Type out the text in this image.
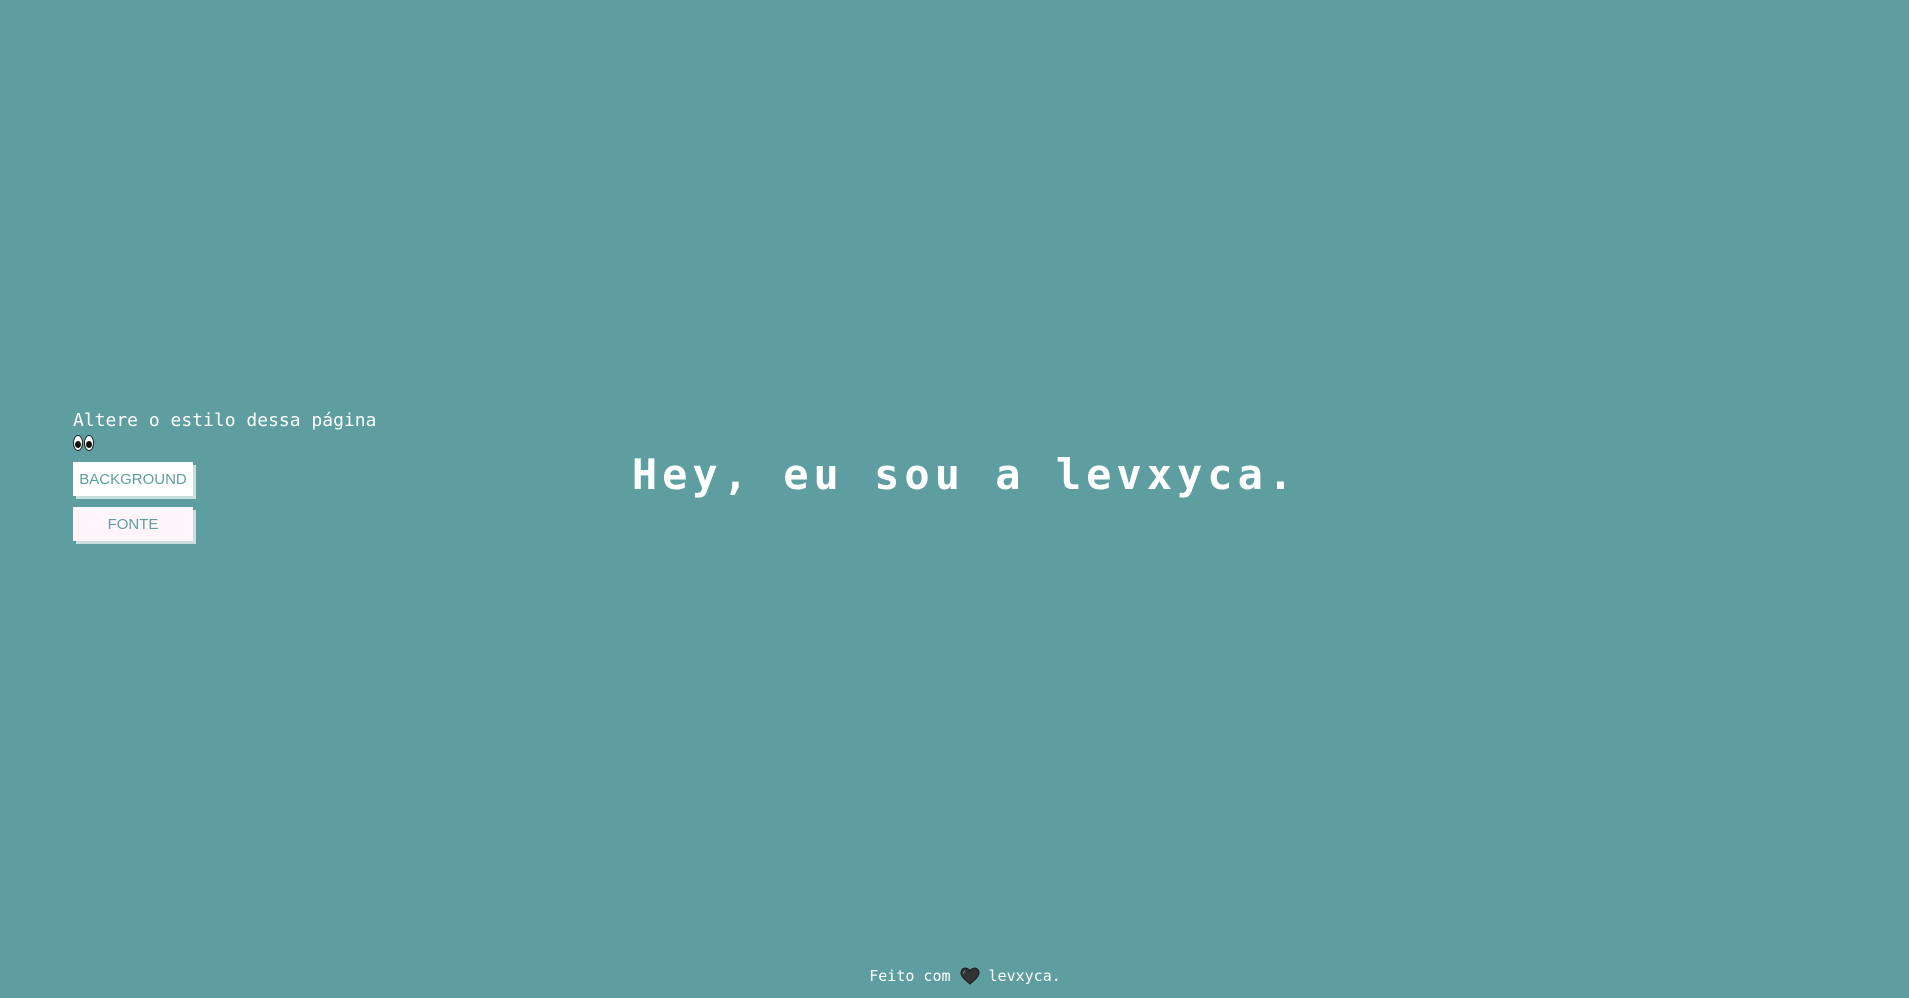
Altere o estilo dessa página

BACKGROUND
FONTE
Hey, eu sou a levxyca.
Feito com	levxyca.
